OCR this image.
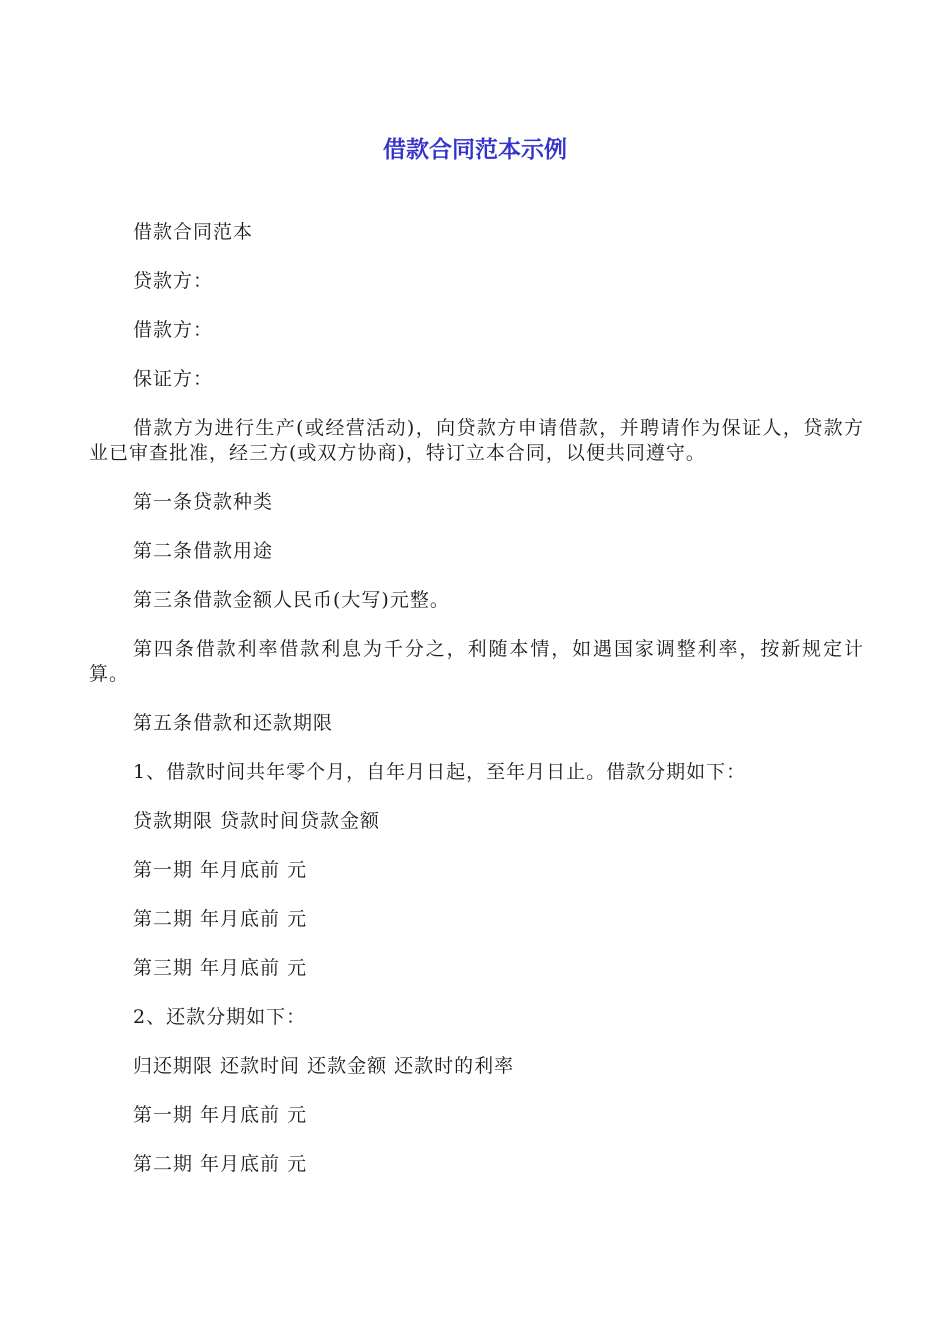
借款合同范本示例

借款合同范本

贷款方：

借款方：

保证方：

借款方为进行生产(或经营活动)，向贷款方申请借款，并聘请作为保证人，贷款方业已审查批准，经三方(或双方协商)，特订立本合同，以便共同遵守。

第一条贷款种类

第二条借款用途

第三条借款金额人民币(大写)元整。

第四条借款利率借款利息为千分之，利随本情，如遇国家调整利率，按新规定计算。

第五条借款和还款期限

1、借款时间共年零个月，自年月日起，至年月日止。借款分期如下：

贷款期限 贷款时间贷款金额

第一期 年月底前 元

第二期 年月底前 元

第三期 年月底前 元

2、还款分期如下：

归还期限 还款时间 还款金额 还款时的利率

第一期 年月底前 元

第二期 年月底前 元
